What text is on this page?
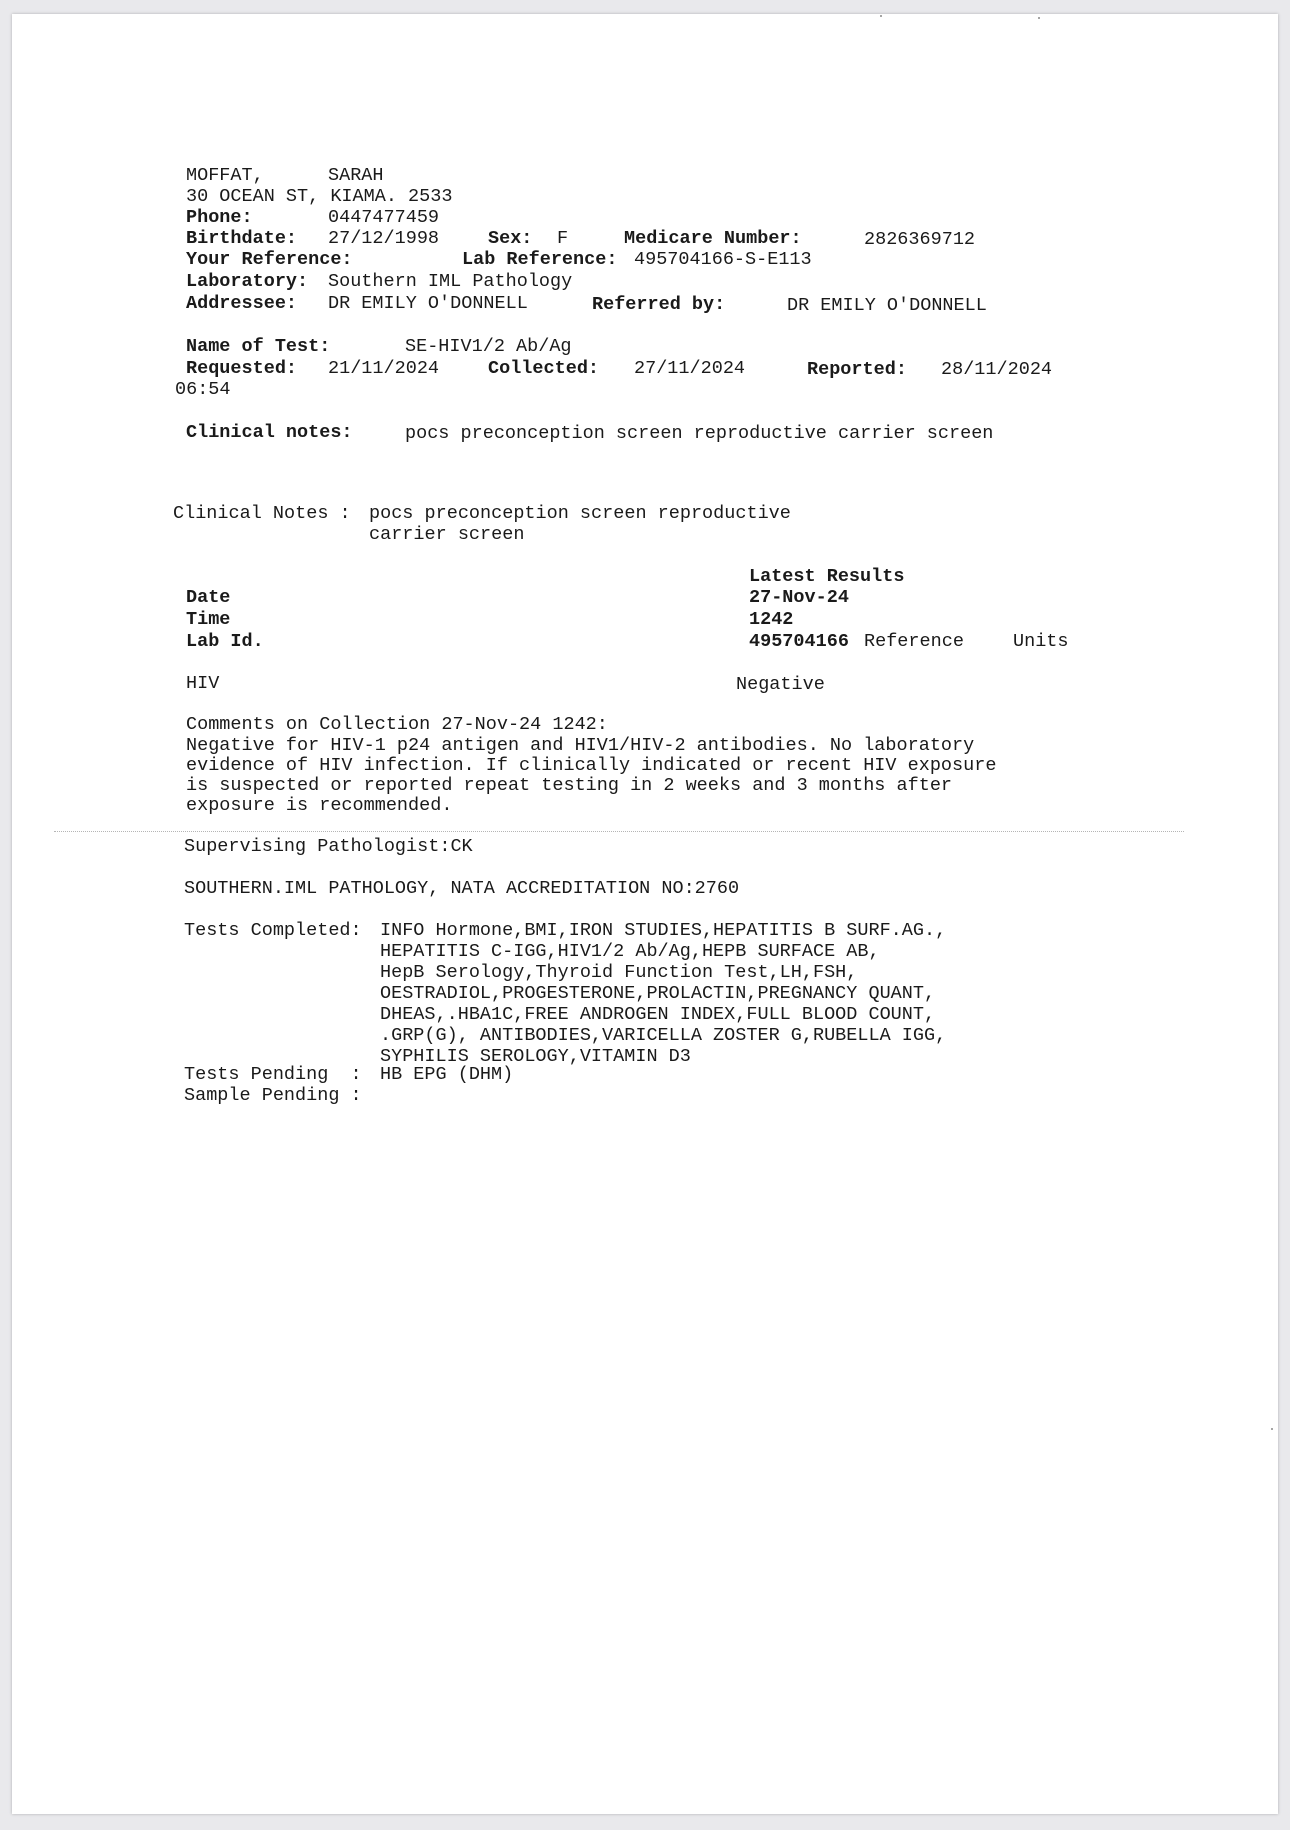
MOFFAT,	SARAH
30 OCEAN ST, KIAMA. 2533
Phone:	0447477459
Birthdate: 27/12/1998	Sex: F	Medicare Number:	2826369712
Your Reference:	Lab Reference: 495704166-S-E113
Laboratory: Southern IML Pathology
Addressee: DR EMILY O'DONNELL	Referred by:	DR EMILY O'DONNELL
Name of Test:	SE-HIV1/2 Ab/Ag
Requested: 21/11/2024	Collected: 27/11/2024	Reported: 28/11/2024
06:54
Clinical notes:	pocs preconception screen reproductive carrier screen
Clinical Notes : pocs preconception screen reproductive
carrier screen
Latest Results
Date	27-Nov-24
Time	1242
Lab Id.	495704166 Reference	Units
HIV	Negative
Comments on Collection 27-Nov-24 1242:
Negative for HIV-1 p24 antigen and HIV1/HIV-2 antibodies. No laboratory
evidence of HIV infection. If clinically indicated or recent HIV exposure
is suspected or reported repeat testing in 2 weeks and 3 months after
exposure is recommended.
Supervising Pathologist:CK
SOUTHERN.IML PATHOLOGY, NATA ACCREDITATION NO:2760
Tests Completed: INFO Hormone,BMI,IRON STUDIES,HEPATITIS B SURF.AG.,
HEPATITIS C-IGG,HIV1/2 Ab/Ag,HEPB SURFACE AB,
HepB Serology,Thyroid Function Test,LH,FSH,
OESTRADIOL,PROGESTERONE,PROLACTIN,PREGNANCY QUANT,
DHEAS,.HBA1C,FREE ANDROGEN INDEX,FULL BLOOD COUNT,
.GRP(G), ANTIBODIES,VARICELLA ZOSTER G,RUBELLA IGG,
SYPHILIS SEROLOGY,VITAMIN D3
Tests Pending  : HB EPG (DHM)
Sample Pending :
